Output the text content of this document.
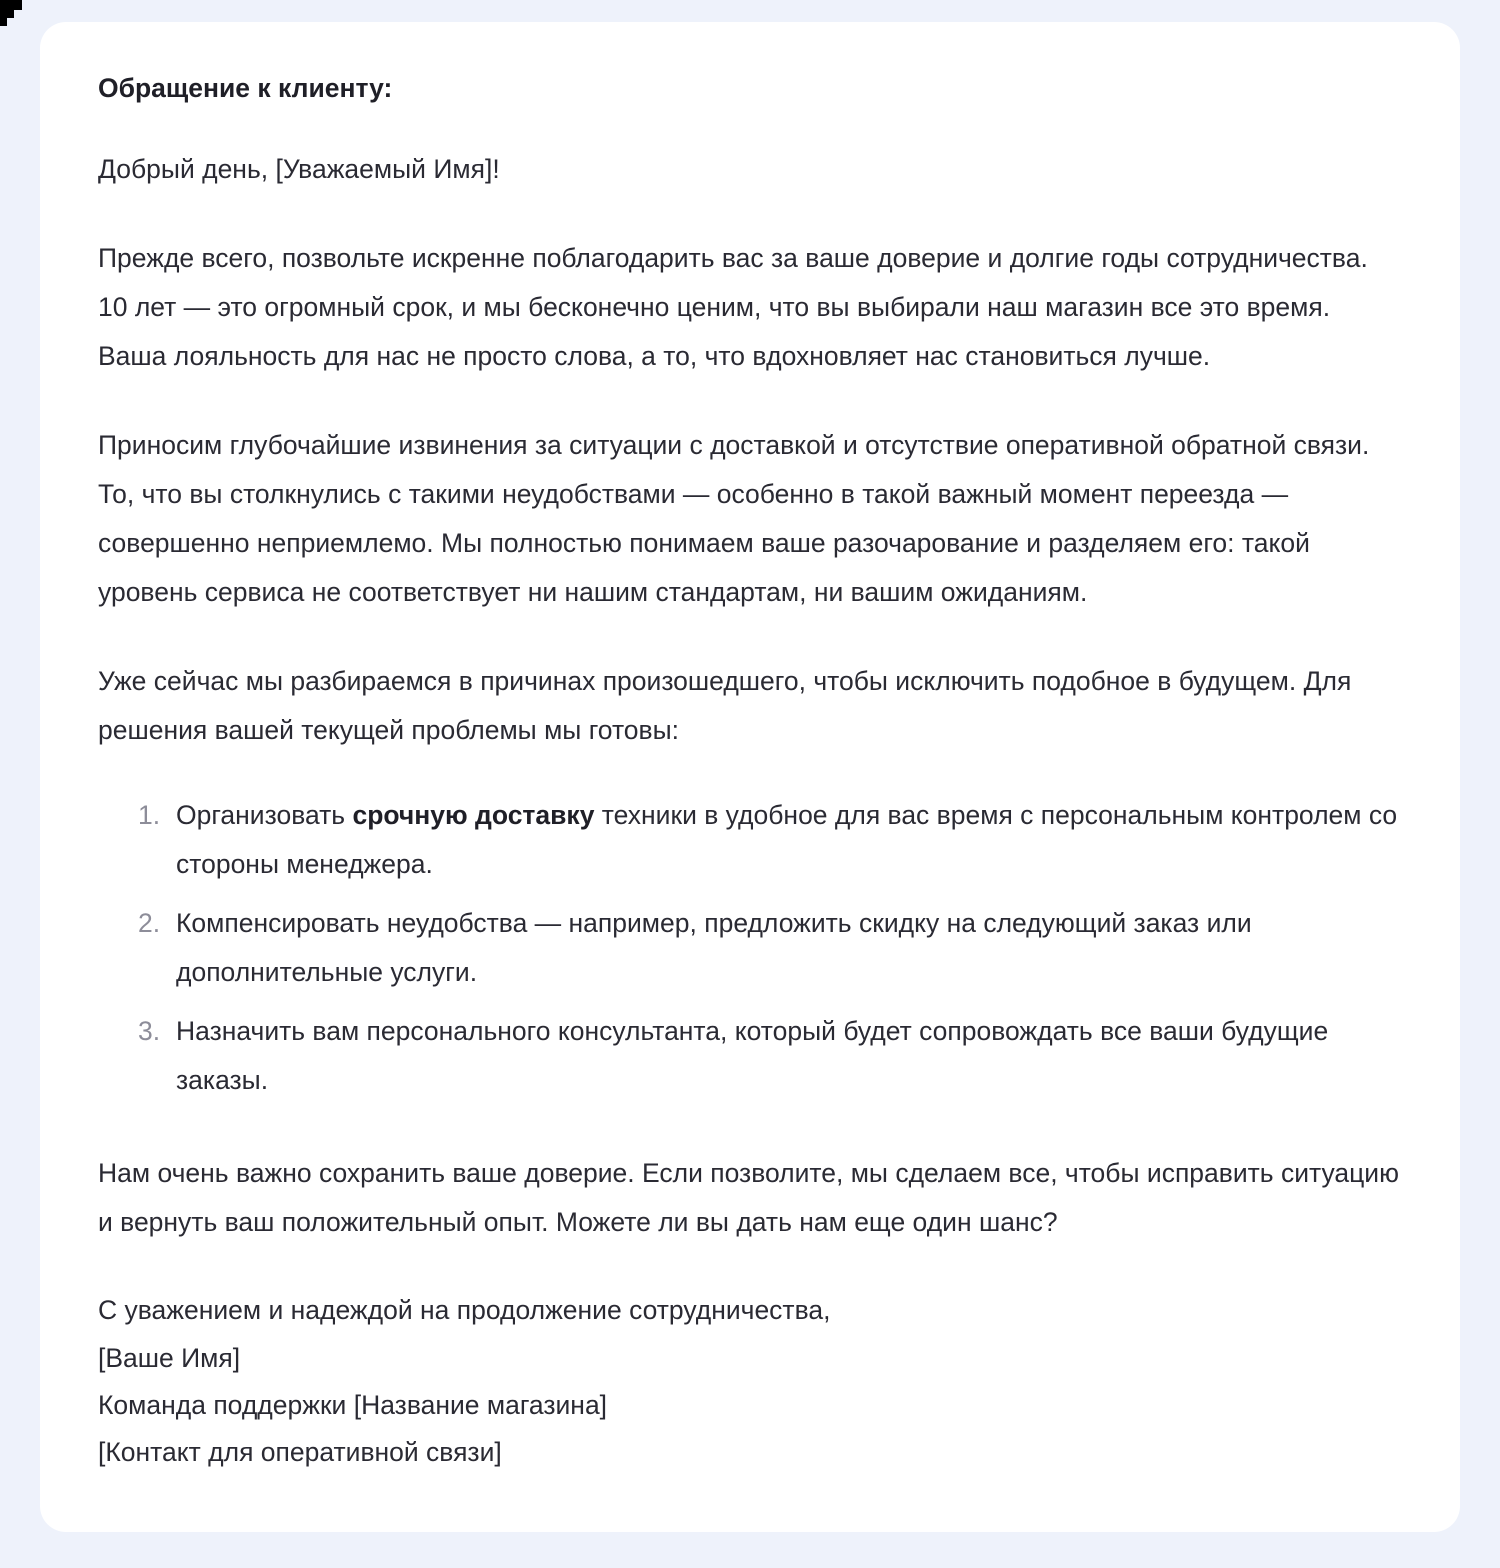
Обращение к клиенту:

Добрый день, [Уважаемый Имя]!

Прежде всего, позвольте искренне поблагодарить вас за ваше доверие и долгие годы сотрудничества. 10 лет — это огромный срок, и мы бесконечно ценим, что вы выбирали наш магазин все это время. Ваша лояльность для нас не просто слова, а то, что вдохновляет нас становиться лучше.

Приносим глубочайшие извинения за ситуации с доставкой и отсутствие оперативной обратной связи. То, что вы столкнулись с такими неудобствами — особенно в такой важный момент переезда — совершенно неприемлемо. Мы полностью понимаем ваше разочарование и разделяем его: такой уровень сервиса не соответствует ни нашим стандартам, ни вашим ожиданиям.

Уже сейчас мы разбираемся в причинах произошедшего, чтобы исключить подобное в будущем. Для решения вашей текущей проблемы мы готовы:

Организовать срочную доставку техники в удобное для вас время с персональным контролем со стороны менеджера.
Компенсировать неудобства — например, предложить скидку на следующий заказ или дополнительные услуги.
Назначить вам персонального консультанта, который будет сопровождать все ваши будущие заказы.

Нам очень важно сохранить ваше доверие. Если позволите, мы сделаем все, чтобы исправить ситуацию и вернуть ваш положительный опыт. Можете ли вы дать нам еще один шанс?

С уважением и надеждой на продолжение сотрудничества,
[Ваше Имя]
Команда поддержки [Название магазина]
[Контакт для оперативной связи]
